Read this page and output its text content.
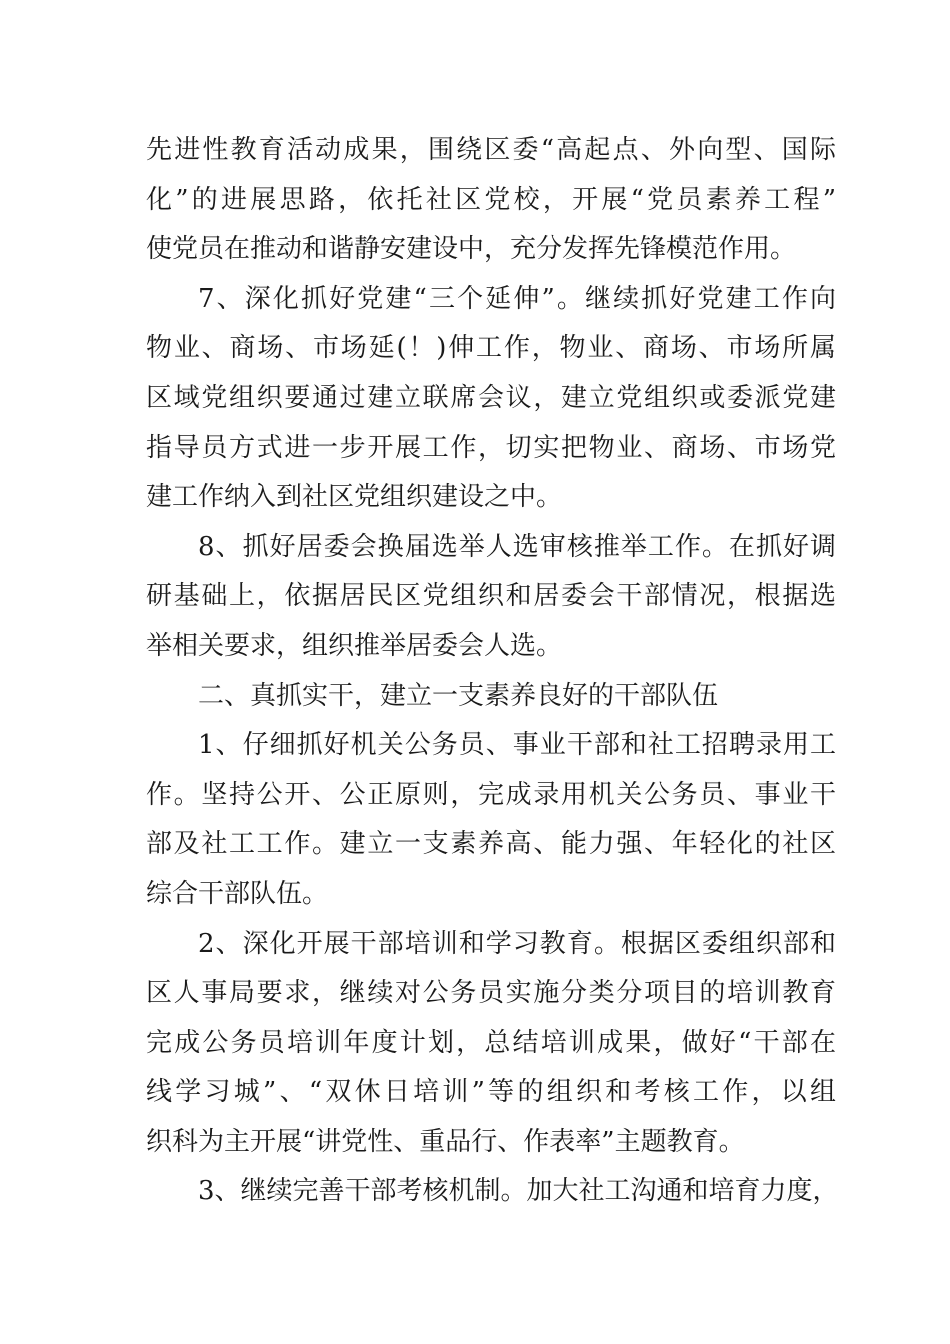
先进性教育活动成果，围绕区委“高起点、外向型、国际
化”的进展思路，依托社区党校，开展“党员素养工程”
使党员在推动和谐静安建设中，充分发挥先锋模范作用。
7、深化抓好党建“三个延伸”。继续抓好党建工作向
物业、商场、市场延(！)伸工作，物业、商场、市场所属
区域党组织要通过建立联席会议，建立党组织或委派党建
指导员方式进一步开展工作，切实把物业、商场、市场党
建工作纳入到社区党组织建设之中。
8、抓好居委会换届选举人选审核推举工作。在抓好调
研基础上，依据居民区党组织和居委会干部情况，根据选
举相关要求，组织推举居委会人选。
二、真抓实干，建立一支素养良好的干部队伍
1、仔细抓好机关公务员、事业干部和社工招聘录用工
作。坚持公开、公正原则，完成录用机关公务员、事业干
部及社工工作。建立一支素养高、能力强、年轻化的社区
综合干部队伍。
2、深化开展干部培训和学习教育。根据区委组织部和
区人事局要求，继续对公务员实施分类分项目的培训教育
完成公务员培训年度计划，总结培训成果，做好“干部在
线学习城”、“双休日培训”等的组织和考核工作，以组
织科为主开展“讲党性、重品行、作表率”主题教育。
3、继续完善干部考核机制。加大社工沟通和培育力度，
